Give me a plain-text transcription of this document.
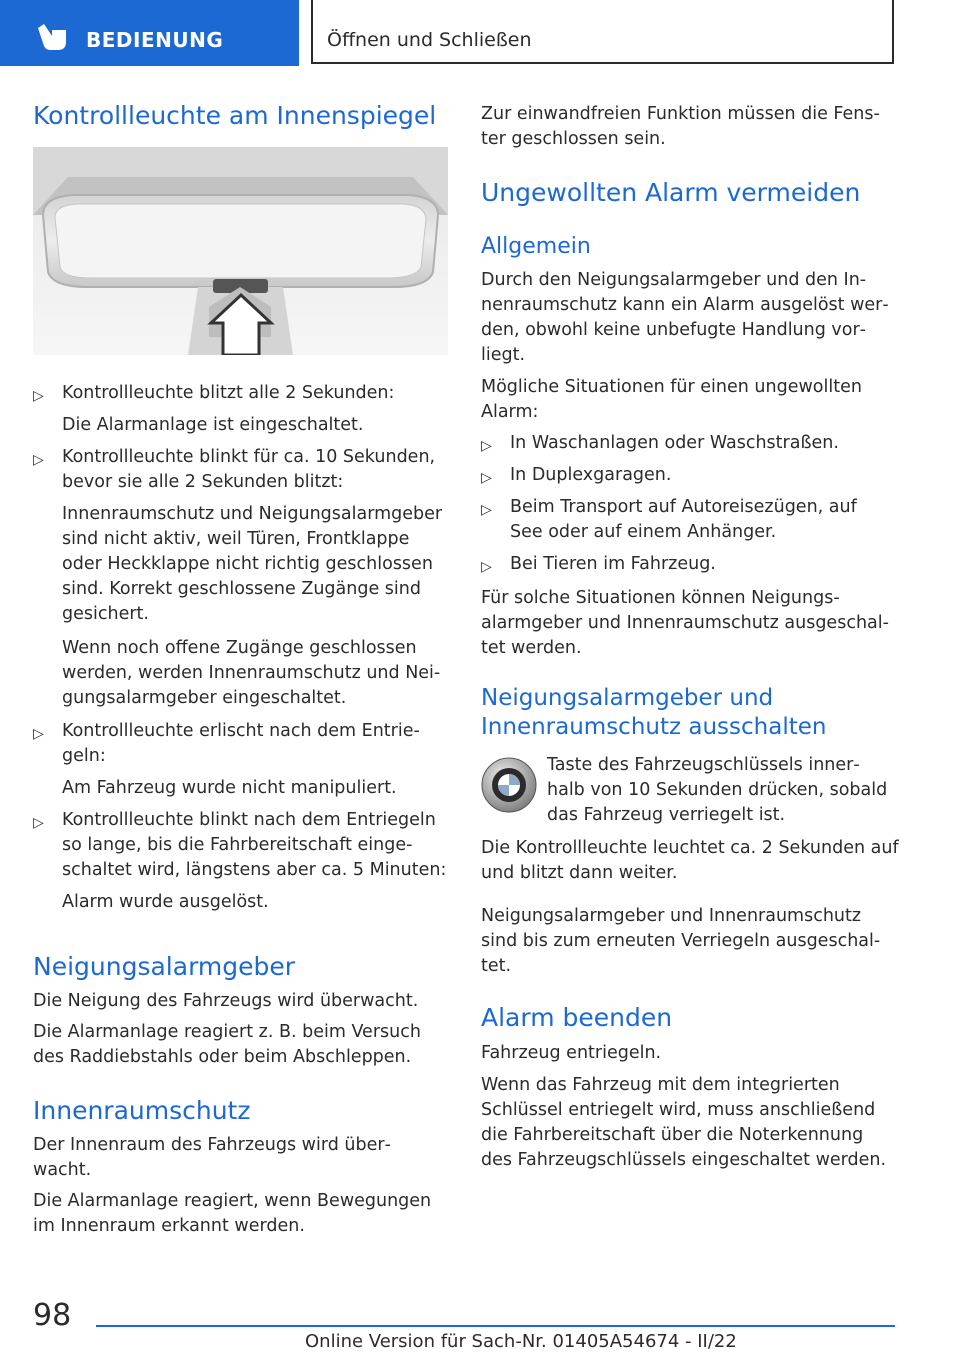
BEDIENUNG	Öffnen und Schließen
Kontrollleuchte am Innenspiegel
▷ Kontrollleuchte blitzt alle 2 Sekunden:

Die Alarmanlage ist eingeschaltet.

▷ Kontrollleuchte blinkt für ca. 10 Sekunden,
bevor sie alle 2 Sekunden blitzt:

Innenraumschutz und Neigungsalarmgeber
sind nicht aktiv, weil Türen, Frontklappe
oder Heckklappe nicht richtig geschlossen
sind. Korrekt geschlossene Zugänge sind
gesichert.

Wenn noch offene Zugänge geschlossen
werden, werden Innenraumschutz und Nei‐
gungsalarmgeber eingeschaltet.

▷ Kontrollleuchte erlischt nach dem Entrie‐
geln:

Am Fahrzeug wurde nicht manipuliert.

▷ Kontrollleuchte blinkt nach dem Entriegeln
so lange, bis die Fahrbereitschaft einge‐
schaltet wird, längstens aber ca. 5 Minuten:

Alarm wurde ausgelöst.

Neigungsalarmgeber

Die Neigung des Fahrzeugs wird überwacht.

Die Alarmanlage reagiert z. B. beim Versuch
des Raddiebstahls oder beim Abschleppen.

Innenraumschutz

Der Innenraum des Fahrzeugs wird über‐
wacht.

Die Alarmanlage reagiert, wenn Bewegungen
im Innenraum erkannt werden.

Zur einwandfreien Funktion müssen die Fens‐
ter geschlossen sein.

Ungewollten Alarm vermeiden
Allgemein

Durch den Neigungsalarmgeber und den In‐
nenraumschutz kann ein Alarm ausgelöst wer‐
den, obwohl keine unbefugte Handlung vor‐
liegt.

Mögliche Situationen für einen ungewollten
Alarm:

▷ In Waschanlagen oder Waschstraßen.

▷ In Duplexgaragen.

▷ Beim Transport auf Autoreisezügen, auf
See oder auf einem Anhänger.

▷ Bei Tieren im Fahrzeug.

Für solche Situationen können Neigungs‐
alarmgeber und Innenraumschutz ausgeschal‐
tet werden.

Neigungsalarmgeber und
Innenraumschutz ausschalten

Taste des Fahrzeugschlüssels inner‐
halb von 10 Sekunden drücken, sobald
das Fahrzeug verriegelt ist.

Die Kontrollleuchte leuchtet ca. 2 Sekunden auf
und blitzt dann weiter.

Neigungsalarmgeber und Innenraumschutz
sind bis zum erneuten Verriegeln ausgeschal‐
tet.

Alarm beenden

Fahrzeug entriegeln.

Wenn das Fahrzeug mit dem integrierten
Schlüssel entriegelt wird, muss anschließend
die Fahrbereitschaft über die Noterkennung
des Fahrzeugschlüssels eingeschaltet werden.

98
Online Version für Sach-Nr. 01405A54674 - II/22
